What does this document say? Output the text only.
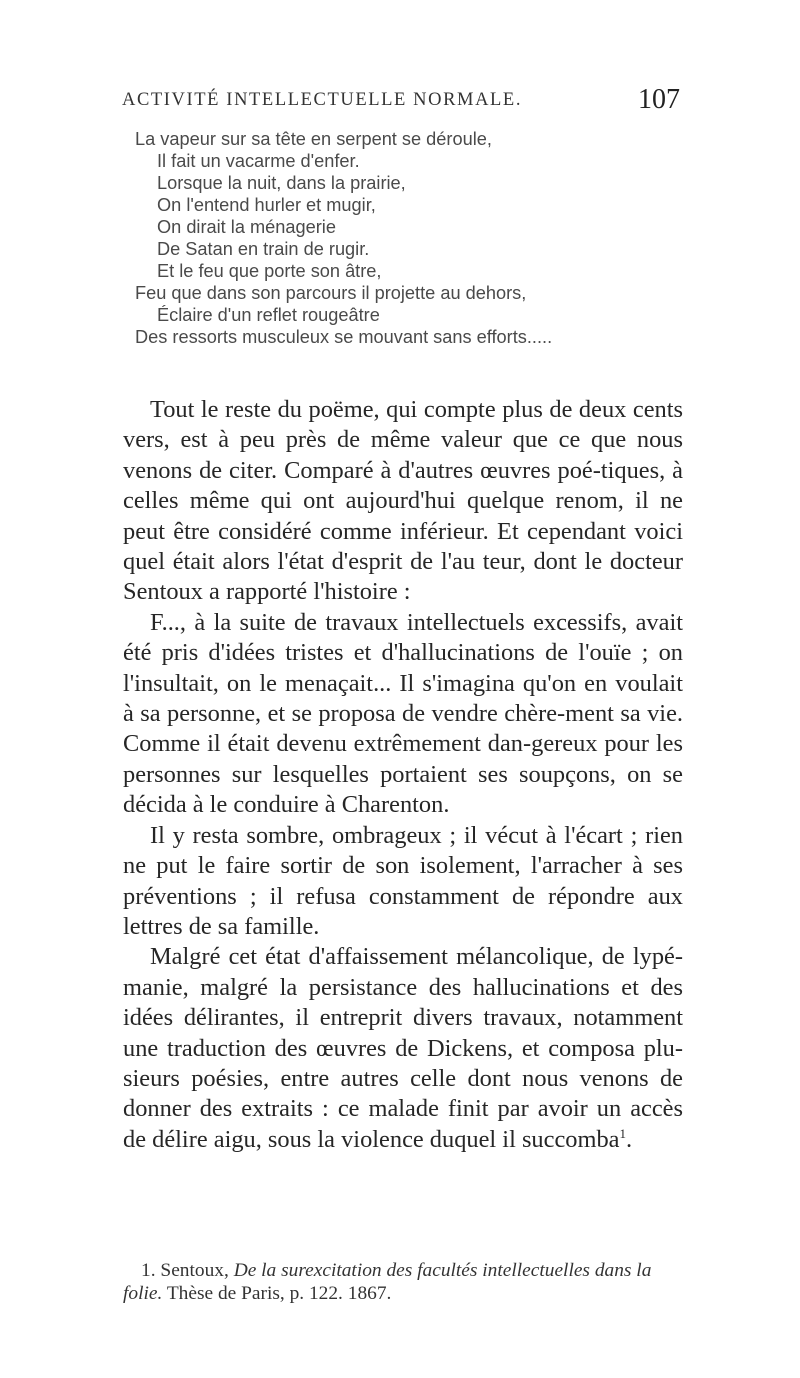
ACTIVITÉ INTELLECTUELLE NORMALE.	107
La vapeur sur sa tête en serpent se déroule,
Il fait un vacarme d'enfer.
Lorsque la nuit, dans la prairie,
On l'entend hurler et mugir,
On dirait la ménagerie
De Satan en train de rugir.
Et le feu que porte son âtre,
Feu que dans son parcours il projette au dehors,
Éclaire d'un reflet rougeâtre
Des ressorts musculeux se mouvant sans efforts.....

Tout le reste du poëme, qui compte plus de deux cents vers, est à peu près de même valeur que ce que nous venons de citer. Comparé à d'autres œuvres poé-tiques, à celles même qui ont aujourd'hui quelque renom, il ne peut être considéré comme inférieur. Et cependant voici quel était alors l'état d'esprit de l'au teur, dont le docteur Sentoux a rapporté l'histoire :

F..., à la suite de travaux intellectuels excessifs, avait été pris d'idées tristes et d'hallucinations de l'ouïe ; on l'insultait, on le menaçait... Il s'imagina qu'on en voulait à sa personne, et se proposa de vendre chère-ment sa vie. Comme il était devenu extrêmement dan-gereux pour les personnes sur lesquelles portaient ses soupçons, on se décida à le conduire à Charenton.

Il y resta sombre, ombrageux ; il vécut à l'écart ; rien ne put le faire sortir de son isolement, l'arracher à ses préventions ; il refusa constamment de répondre aux lettres de sa famille.

Malgré cet état d'affaissement mélancolique, de lypé-manie, malgré la persistance des hallucinations et des idées délirantes, il entreprit divers travaux, notamment une traduction des œuvres de Dickens, et composa plu-sieurs poésies, entre autres celle dont nous venons de donner des extraits : ce malade finit par avoir un accès de délire aigu, sous la violence duquel il succomba$^1$.

1. Sentoux, De la surexcitation des facultés intellectuelles dans la folie. Thèse de Paris, p. 122. 1867.
